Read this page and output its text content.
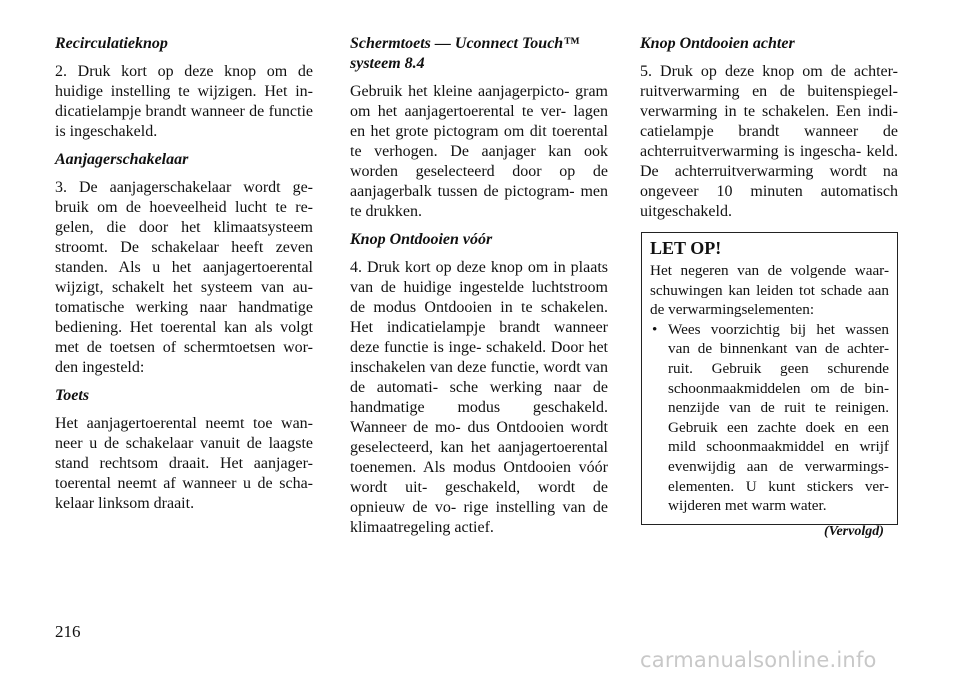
Recirculatieknop

2. Druk kort op deze knop om de huidige instelling te wijzigen. Het in- dicatielampje brandt wanneer de functie is ingeschakeld.

Aanjagerschakelaar

3. De aanjagerschakelaar wordt ge- bruik om de hoeveelheid lucht te re- gelen, die door het klimaatsysteem stroomt. De schakelaar heeft zeven standen. Als u het aanjagertoerental wijzigt, schakelt het systeem van au- tomatische werking naar handmatige bediening. Het toerental kan als volgt met de toetsen of schermtoetsen wor- den ingesteld:

Toets

Het aanjagertoerental neemt toe wan- neer u de schakelaar vanuit de laagste stand rechtsom draait. Het aanjager- toerental neemt af wanneer u de scha- kelaar linksom draait.

Schermtoets — Uconnect Touch™ systeem 8.4

Gebruik het kleine aanjagerpicto- gram om het aanjagertoerental te ver- lagen en het grote pictogram om dit toerental te verhogen. De aanjager kan ook worden geselecteerd door op de aanjagerbalk tussen de pictogram- men te drukken.

Knop Ontdooien vóór

4. Druk kort op deze knop om in plaats van de huidige ingestelde luchtstroom de modus Ontdooien in te schakelen. Het indicatielampje brandt wanneer deze functie is inge- schakeld. Door het inschakelen van deze functie, wordt van de automati- sche werking naar de handmatige modus geschakeld. Wanneer de mo- dus Ontdooien wordt geselecteerd, kan het aanjagertoerental toenemen. Als modus Ontdooien vóór wordt uit- geschakeld, wordt de opnieuw de vo- rige instelling van de klimaatregeling actief.

Knop Ontdooien achter

5. Druk op deze knop om de achter- ruitverwarming en de buitenspiegel- verwarming in te schakelen. Een indi- catielampje brandt wanneer de achterruitverwarming is ingescha- keld. De achterruitverwarming wordt na ongeveer 10 minuten automatisch uitgeschakeld.

LET OP!

Het negeren van de volgende waar- schuwingen kan leiden tot schade aan de verwarmingselementen:

• Wees voorzichtig bij het wassen van de binnenkant van de achter- ruit. Gebruik geen schurende schoonmaakmiddelen om de bin- nenzijde van de ruit te reinigen. Gebruik een zachte doek en een mild schoonmaakmiddel en wrijf evenwijdig aan de verwarmings- elementen. U kunt stickers ver- wijderen met warm water.
(Vervolgd)
216
carmanualsonline.info
